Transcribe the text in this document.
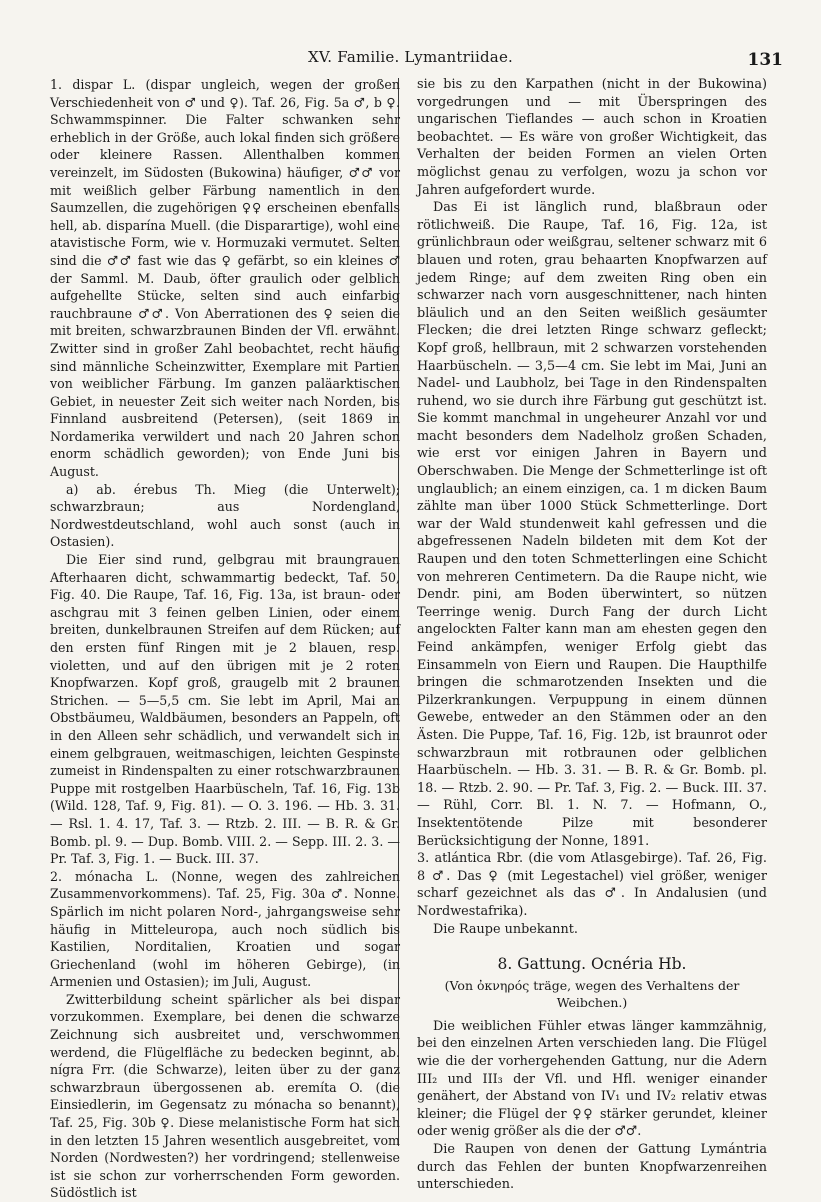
XV. Familie. Lymantriidae.	131

1. dispar L. (dispar ungleich, wegen der großen Verschiedenheit von ♂ und ♀). Taf. 26, Fig. 5a ♂, b ♀. Schwammspinner. Die Falter schwanken sehr erheblich in der Größe, auch lokal finden sich größere oder kleinere Rassen. Allenthalben kommen vereinzelt, im Südosten (Bukowina) häufiger, ♂♂ vor mit weißlich gelber Färbung namentlich in den Saumzellen, die zugehörigen ♀♀ erscheinen ebenfalls hell, ab. disparína Muell. (die Disparartige), wohl eine atavistische Form, wie v. Hormuzaki vermutet. Selten sind die ♂♂ fast wie das ♀ gefärbt, so ein kleines ♂ der Samml. M. Daub, öfter graulich oder gelblich aufgehellte Stücke, selten sind auch einfarbig rauchbraune ♂♂. Von Aberrationen des ♀ seien die mit breiten, schwarzbraunen Binden der Vfl. erwähnt. Zwitter sind in großer Zahl beobachtet, recht häufig sind männliche Scheinzwitter, Exemplare mit Partien von weiblicher Färbung. Im ganzen paläarktischen Gebiet, in neuester Zeit sich weiter nach Norden, bis Finnland ausbreitend (Petersen), (seit 1869 in Nordamerika verwildert und nach 20 Jahren schon enorm schädlich geworden); von Ende Juni bis August.

a) ab. érebus Th. Mieg (die Unterwelt); schwarzbraun; aus Nordengland, Nordwestdeutschland, wohl auch sonst (auch in Ostasien).

Die Eier sind rund, gelbgrau mit braungrauen Afterhaaren dicht, schwammartig bedeckt, Taf. 50, Fig. 40. Die Raupe, Taf. 16, Fig. 13a, ist braun- oder aschgrau mit 3 feinen gelben Linien, oder einem breiten, dunkelbraunen Streifen auf dem Rücken; auf den ersten fünf Ringen mit je 2 blauen, resp. violetten, und auf den übrigen mit je 2 roten Knopfwarzen. Kopf groß, graugelb mit 2 braunen Strichen. — 5—5,5 cm. Sie lebt im April, Mai an Obstbäumeu, Waldbäumen, besonders an Pappeln, oft in den Alleen sehr schädlich, und verwandelt sich in einem gelbgrauen, weitmaschigen, leichten Gespinste zumeist in Rindenspalten zu einer rotschwarzbraunen Puppe mit rostgelben Haarbüscheln, Taf. 16, Fig. 13b (Wild. 128, Taf. 9, Fig. 81). — O. 3. 196. — Hb. 3. 31. — Rsl. 1. 4. 17, Taf. 3. — Rtzb. 2. III. — B. R. & Gr. Bomb. pl. 9. — Dup. Bomb. VIII. 2. — Sepp. III. 2. 3. — Pr. Taf. 3, Fig. 1. — Buck. III. 37.

2. mónacha L. (Nonne, wegen des zahlreichen Zusammenvorkommens). Taf. 25, Fig. 30a ♂. Nonne. Spärlich im nicht polaren Nord-, jahrgangsweise sehr häufig in Mitteleuropa, auch noch südlich bis Kastilien, Norditalien, Kroatien und sogar Griechenland (wohl im höheren Gebirge), (in Armenien und Ostasien); im Juli, August.

Zwitterbildung scheint spärlicher als bei dispar vorzukommen. Exemplare, bei denen die schwarze Zeichnung sich ausbreitet und, verschwommen werdend, die Flügelfläche zu bedecken beginnt, ab. nígra Frr. (die Schwarze), leiten über zu der ganz schwarzbraun übergossenen ab. eremíta O. (die Einsiedlerin, im Gegensatz zu mónacha so benannt), Taf. 25, Fig. 30b ♀. Diese melanistische Form hat sich in den letzten 15 Jahren wesentlich ausgebreitet, vom Norden (Nordwesten?) her vordringend; stellenweise ist sie schon zur vorherrschenden Form geworden. Südöstlich ist

sie bis zu den Karpathen (nicht in der Bukowina) vorgedrungen und — mit Überspringen des ungarischen Tieflandes — auch schon in Kroatien beobachtet. — Es wäre von großer Wichtigkeit, das Verhalten der beiden Formen an vielen Orten möglichst genau zu verfolgen, wozu ja schon vor Jahren aufgefordert wurde.

Das Ei ist länglich rund, blaßbraun oder rötlichweiß. Die Raupe, Taf. 16, Fig. 12a, ist grünlichbraun oder weißgrau, seltener schwarz mit 6 blauen und roten, grau behaarten Knopfwarzen auf jedem Ringe; auf dem zweiten Ring oben ein schwarzer nach vorn ausgeschnittener, nach hinten bläulich und an den Seiten weißlich gesäumter Flecken; die drei letzten Ringe schwarz gefleckt; Kopf groß, hellbraun, mit 2 schwarzen vorstehenden Haarbüscheln. — 3,5—4 cm. Sie lebt im Mai, Juni an Nadel- und Laubholz, bei Tage in den Rindenspalten ruhend, wo sie durch ihre Färbung gut geschützt ist. Sie kommt manchmal in ungeheurer Anzahl vor und macht besonders dem Nadelholz großen Schaden, wie erst vor einigen Jahren in Bayern und Oberschwaben. Die Menge der Schmetterlinge ist oft unglaublich; an einem einzigen, ca. 1 m dicken Baum zählte man über 1000 Stück Schmetterlinge. Dort war der Wald stundenweit kahl gefressen und die abgefressenen Nadeln bildeten mit dem Kot der Raupen und den toten Schmetterlingen eine Schicht von mehreren Centimetern. Da die Raupe nicht, wie Dendr. pini, am Boden überwintert, so nützen Teerringe wenig. Durch Fang der durch Licht angelockten Falter kann man am ehesten gegen den Feind ankämpfen, weniger Erfolg giebt das Einsammeln von Eiern und Raupen. Die Haupthilfe bringen die schmarotzenden Insekten und die Pilzerkrankungen. Verpuppung in einem dünnen Gewebe, entweder an den Stämmen oder an den Ästen. Die Puppe, Taf. 16, Fig. 12b, ist braunrot oder schwarzbraun mit rotbraunen oder gelblichen Haarbüscheln. — Hb. 3. 31. — B. R. & Gr. Bomb. pl. 18. — Rtzb. 2. 90. — Pr. Taf. 3, Fig. 2. — Buck. III. 37. — Rühl, Corr. Bl. 1. N. 7. — Hofmann, O., Insektentötende Pilze mit besonderer Berücksichtigung der Nonne, 1891.

3. atlántica Rbr. (die vom Atlasgebirge). Taf. 26, Fig. 8 ♂. Das ♀ (mit Legestachel) viel größer, weniger scharf gezeichnet als das ♂. In Andalusien (und Nordwestafrika).

Die Raupe unbekannt.

8. Gattung. Ocnéria Hb.
(Von ὀκνηρός träge, wegen des Verhaltens der Weibchen.)

Die weiblichen Fühler etwas länger kammzähnig, bei den einzelnen Arten verschieden lang. Die Flügel wie die der vorhergehenden Gattung, nur die Adern III₂ und III₃ der Vfl. und Hfl. weniger einander genähert, der Abstand von IV₁ und IV₂ relativ etwas kleiner; die Flügel der ♀♀ stärker gerundet, kleiner oder wenig größer als die der ♂♂.

Die Raupen von denen der Gattung Lymántria durch das Fehlen der bunten Knopfwarzenreihen unterschieden.
